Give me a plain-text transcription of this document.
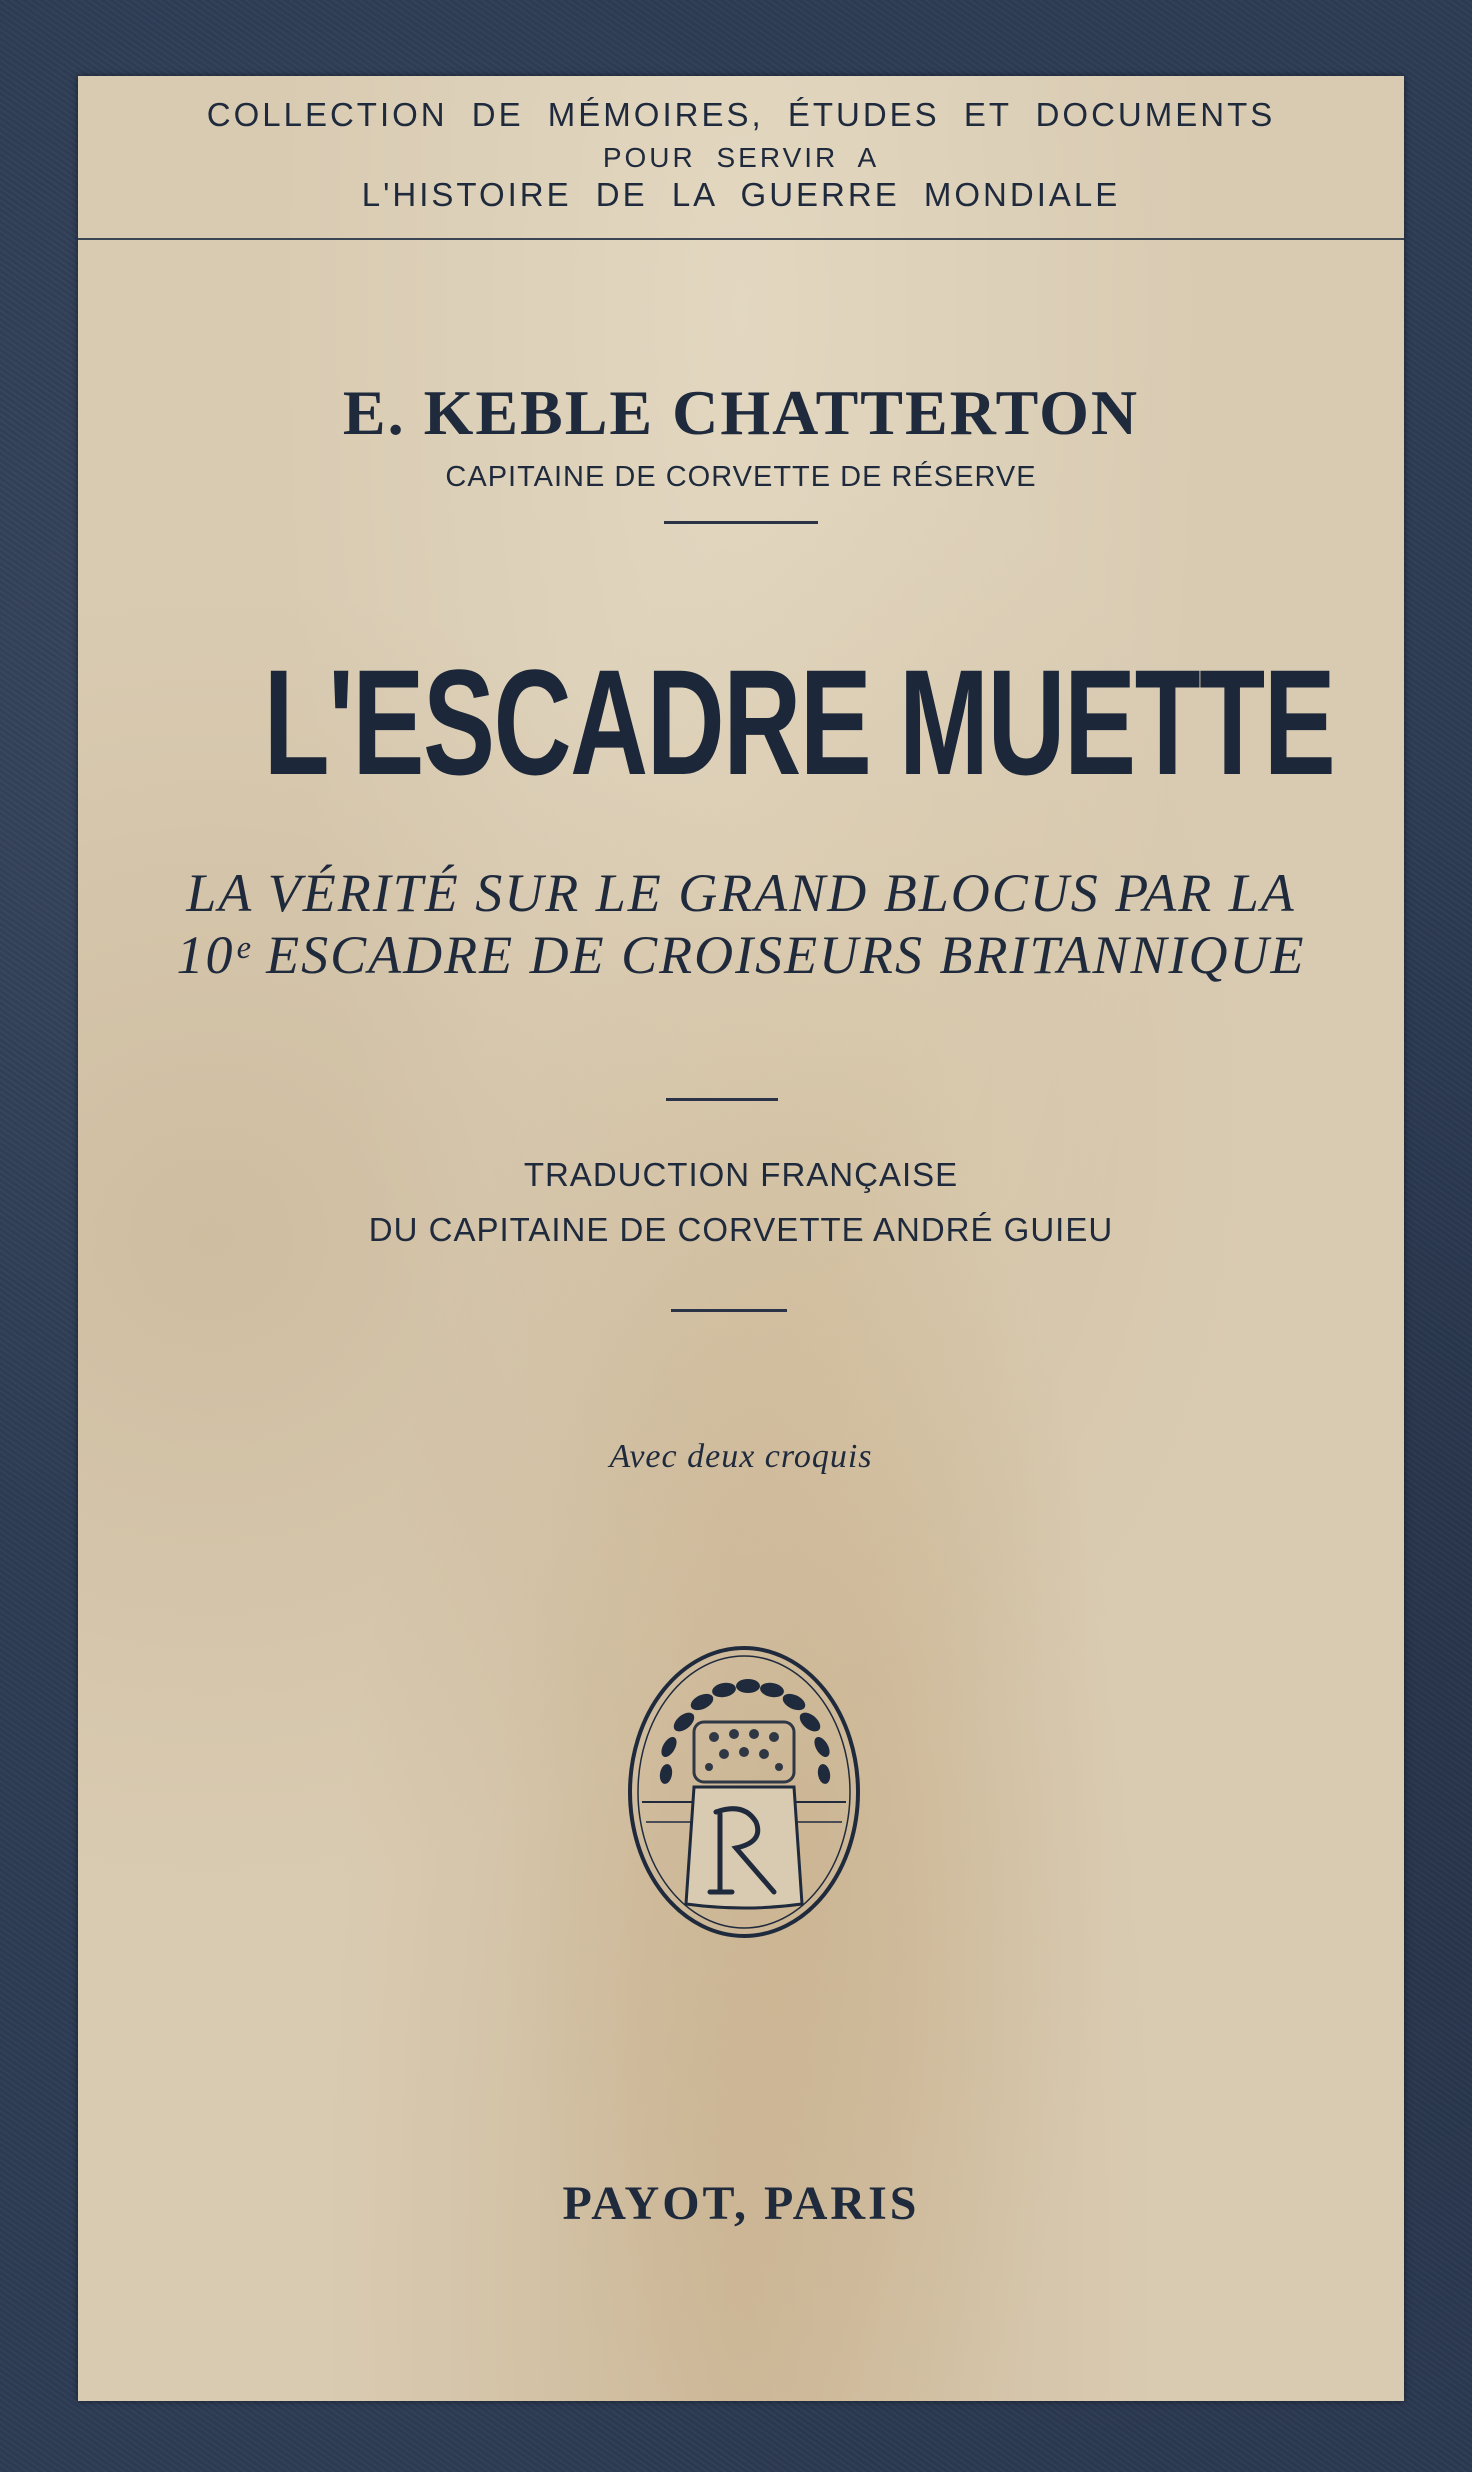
COLLECTION DE MÉMOIRES, ÉTUDES ET DOCUMENTS
POUR SERVIR A
L'HISTOIRE DE LA GUERRE MONDIALE
E. KEBLE CHATTERTON
CAPITAINE DE CORVETTE DE RÉSERVE
L'ESCADRE MUETTE
LA VÉRITÉ SUR LE GRAND BLOCUS PAR LA
10ᵉ ESCADRE DE CROISEURS BRITANNIQUE
TRADUCTION FRANÇAISE
DU CAPITAINE DE CORVETTE ANDRÉ GUIEU
Avec deux croquis
P
PAYOT, PARIS
